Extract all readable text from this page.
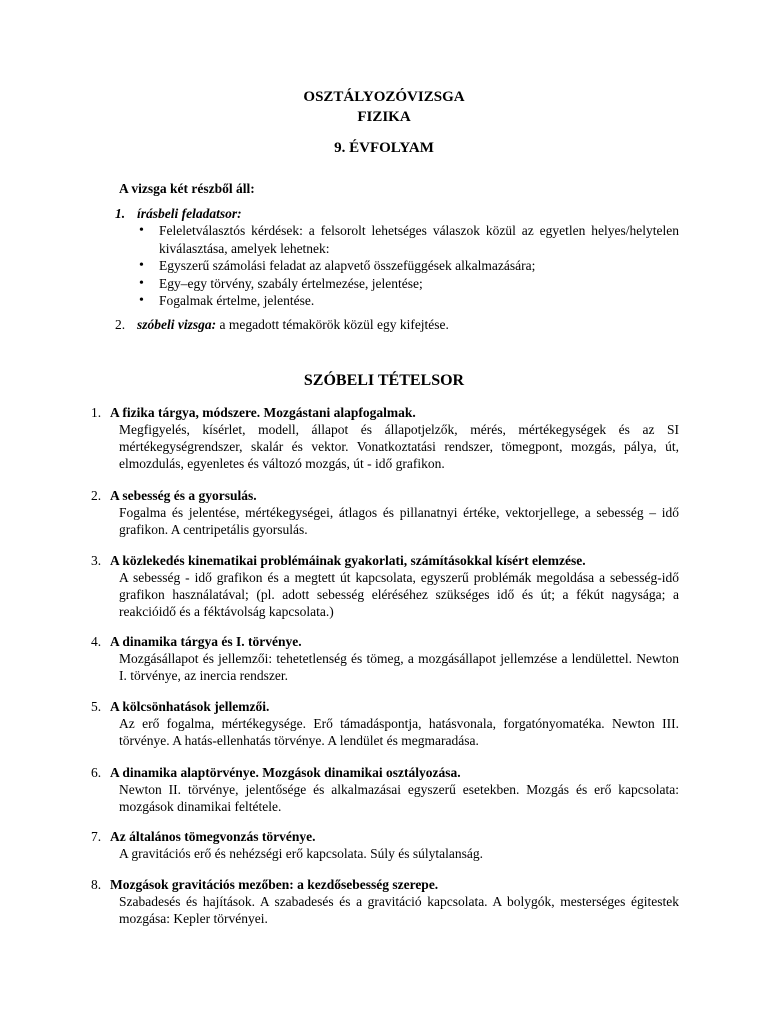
OSZTÁLYOZÓVIZSGA
FIZIKA
9. ÉVFOLYAM
A vizsga két részből áll:
1. írásbeli feladatsor:
• Feleletválasztós kérdések: a felsorolt lehetséges válaszok közül az egyetlen helyes/helytelen kiválasztása, amelyek lehetnek:
• Egyszerű számolási feladat az alapvető összefüggések alkalmazására;
• Egy–egy törvény, szabály értelmezése, jelentése;
• Fogalmak értelme, jelentése.
2. szóbeli vizsga: a megadott témakörök közül egy kifejtése.
SZÓBELI TÉTELSOR
1. A fizika tárgya, módszere. Mozgástani alapfogalmak.
Megfigyelés, kísérlet, modell, állapot és állapotjelzők, mérés, mértékegységek és az SI mértékegységrendszer, skalár és vektor. Vonatkoztatási rendszer, tömegpont, mozgás, pálya, út, elmozdulás, egyenletes és változó mozgás, út - idő grafikon.
2. A sebesség és a gyorsulás.
Fogalma és jelentése, mértékegységei, átlagos és pillanatnyi értéke, vektorjellege, a sebesség – idő grafikon. A centripetális gyorsulás.
3. A közlekedés kinematikai problémáinak gyakorlati, számításokkal kísért elemzése.
A sebesség - idő grafikon és a megtett út kapcsolata, egyszerű problémák megoldása a sebesség-idő grafikon használatával; (pl. adott sebesség eléréséhez szükséges idő és út; a fékút nagysága; a reakcióidő és a féktávolság kapcsolata.)
4. A dinamika tárgya és I. törvénye.
Mozgásállapot és jellemzői: tehetetlenség és tömeg, a mozgásállapot jellemzése a lendülettel. Newton I. törvénye, az inercia rendszer.
5. A kölcsönhatások jellemzői.
Az erő fogalma, mértékegysége. Erő támadáspontja, hatásvonala, forgatónyomatéka. Newton III. törvénye. A hatás-ellenhatás törvénye. A lendület és megmaradása.
6. A dinamika alaptörvénye. Mozgások dinamikai osztályozása.
Newton II. törvénye, jelentősége és alkalmazásai egyszerű esetekben. Mozgás és erő kapcsolata: mozgások dinamikai feltétele.
7. Az általános tömegvonzás törvénye.
A gravitációs erő és nehézségi erő kapcsolata. Súly és súlytalanság.
8. Mozgások gravitációs mezőben: a kezdősebesség szerepe.
Szabadesés és hajítások. A szabadesés és a gravitáció kapcsolata. A bolygók, mesterséges égitestek mozgása: Kepler törvényei.
